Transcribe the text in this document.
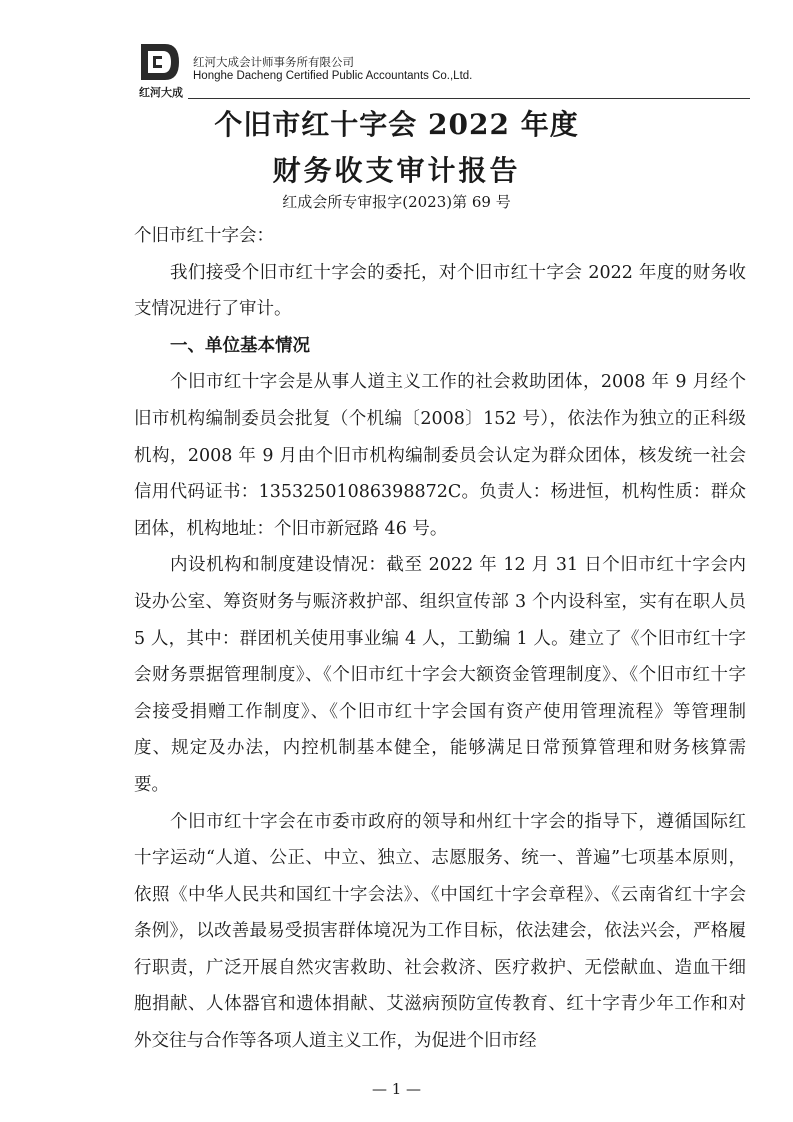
红河大成
红河大成会计师事务所有限公司
Honghe Dacheng Certified Public Accountants Co.,Ltd.
个旧市红十字会 2022 年度
财务收支审计报告
红成会所专审报字(2023)第 69 号

个旧市红十字会：

我们接受个旧市红十字会的委托，对个旧市红十字会 2022 年度的财务收支情况进行了审计。

一、单位基本情况

个旧市红十字会是从事人道主义工作的社会救助团体，2008 年 9 月经个旧市机构编制委员会批复（个机编〔2008〕152 号），依法作为独立的正科级机构，2008 年 9 月由个旧市机构编制委员会认定为群众团体，核发统一社会信用代码证书：13532501086398872C。负责人：杨进恒，机构性质：群众团体，机构地址：个旧市新冠路 46 号。

内设机构和制度建设情况：截至 2022 年 12 月 31 日个旧市红十字会内设办公室、筹资财务与赈济救护部、组织宣传部 3 个内设科室，实有在职人员 5 人，其中：群团机关使用事业编 4 人，工勤编 1 人。建立了《个旧市红十字会财务票据管理制度》、《个旧市红十字会大额资金管理制度》、《个旧市红十字会接受捐赠工作制度》、《个旧市红十字会国有资产使用管理流程》等管理制度、规定及办法，内控机制基本健全，能够满足日常预算管理和财务核算需要。

个旧市红十字会在市委市政府的领导和州红十字会的指导下，遵循国际红十字运动“人道、公正、中立、独立、志愿服务、统一、普遍”七项基本原则，依照《中华人民共和国红十字会法》、《中国红十字会章程》、《云南省红十字会条例》，以改善最易受损害群体境况为工作目标，依法建会，依法兴会，严格履行职责，广泛开展自然灾害救助、社会救济、医疗救护、无偿献血、造血干细胞捐献、人体器官和遗体捐献、艾滋病预防宣传教育、红十字青少年工作和对外交往与合作等各项人道主义工作，为促进个旧市经

— 1 —
